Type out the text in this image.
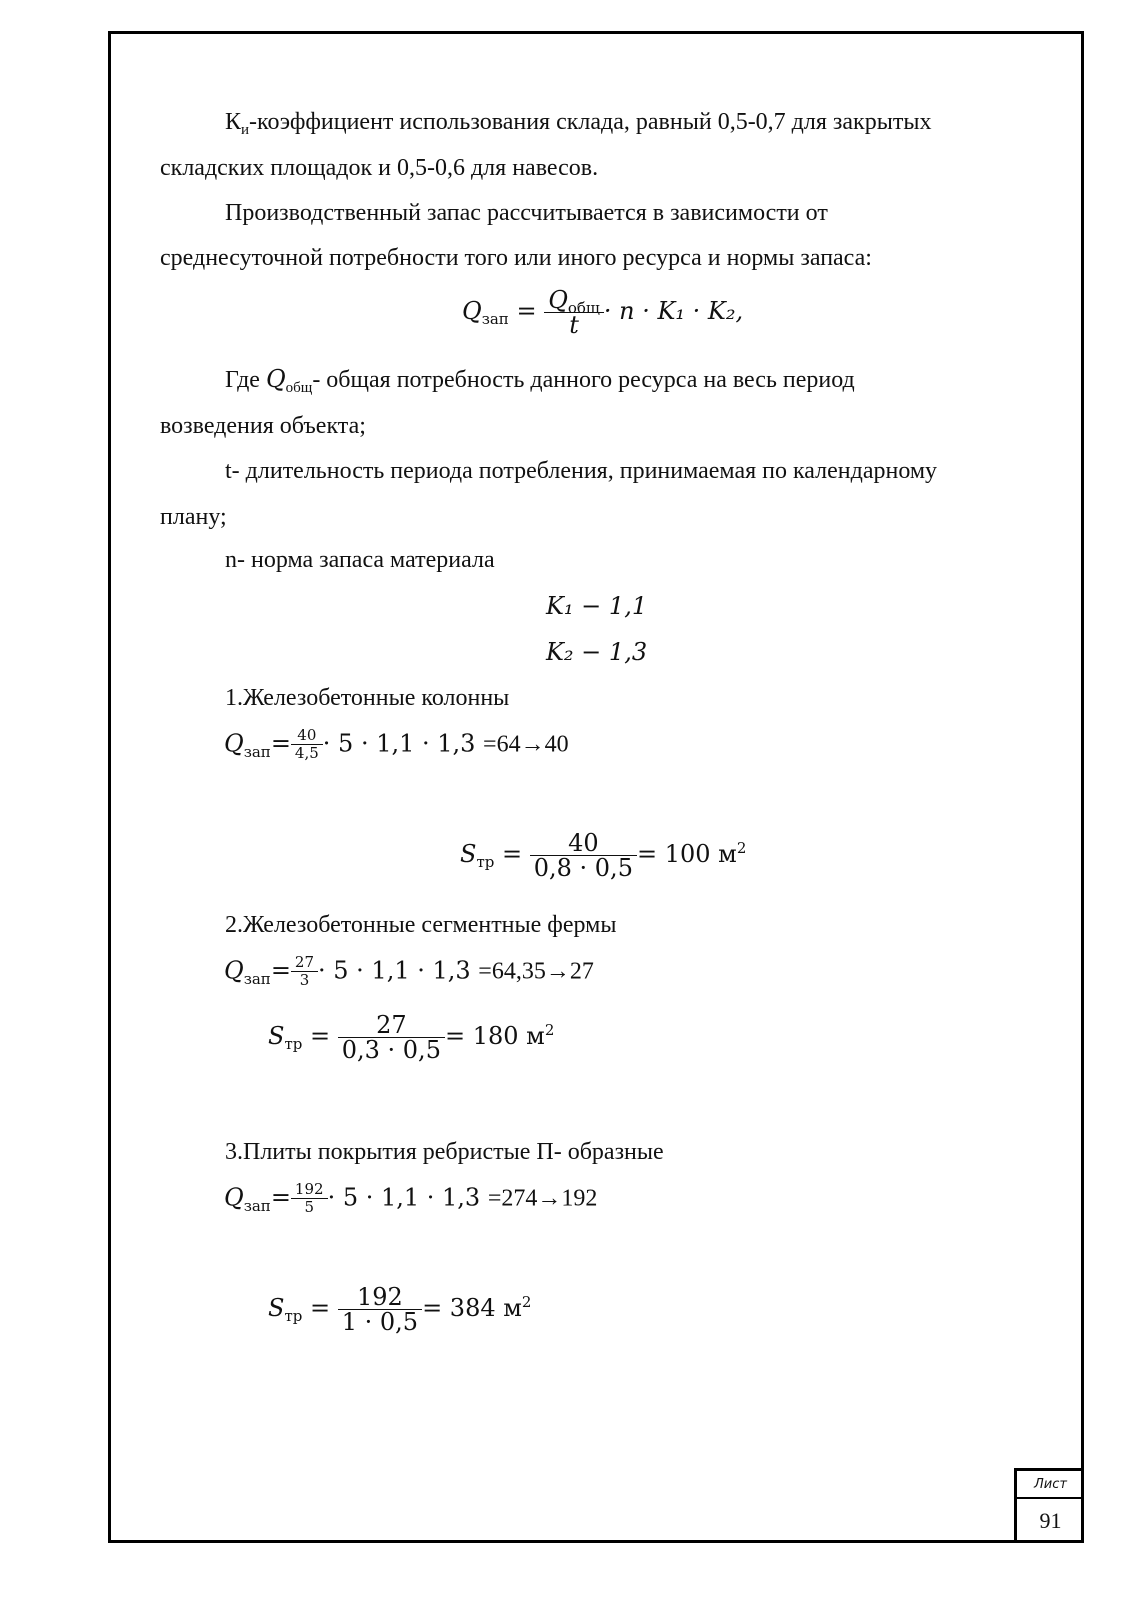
$К_и$-коэффициент использования склада, равный 0,5-0,7 для закрытых
складских площадок и 0,5-0,6 для навесов.
Производственный запас рассчитывается в зависимости от
среднесуточной потребности того или иного ресурса и нормы запаса:
$Q_{зап} = \frac{Q_{общ}}{t} \cdot n \cdot K_1 \cdot K_2$,
Где $Q_{общ}-$ общая потребность данного ресурса на весь период
возведения объекта;
t- длительность периода потребления, принимаемая по календарному
плану;
n- норма запаса материала
K₁ − 1,1
K₂ − 1,3
1.Железобетонные колонны
$Q_{зап}= \frac{40}{4,5} \cdot 5 \cdot 1,1 \cdot 1,3 =64\to 40$
$S_{тр} = \frac{40}{0,8 \cdot 0,5} = 100$ $м^2$
2.Железобетонные сегментные фермы
$Q_{зап}= \frac{27}{3} \cdot 5 \cdot 1,1 \cdot 1,3 =64,35\to 27$
$S_{тр} = \frac{27}{0,3 \cdot 0,5} = 180$ $м^2$
3.Плиты покрытия ребристые П- образные
$Q_{зап}= \frac{192}{5} \cdot 5 \cdot 1,1 \cdot 1,3 =274\to 192$
$S_{тр} = \frac{192}{1 \cdot 0,5} = 384$ $м^2$
Лист
91
